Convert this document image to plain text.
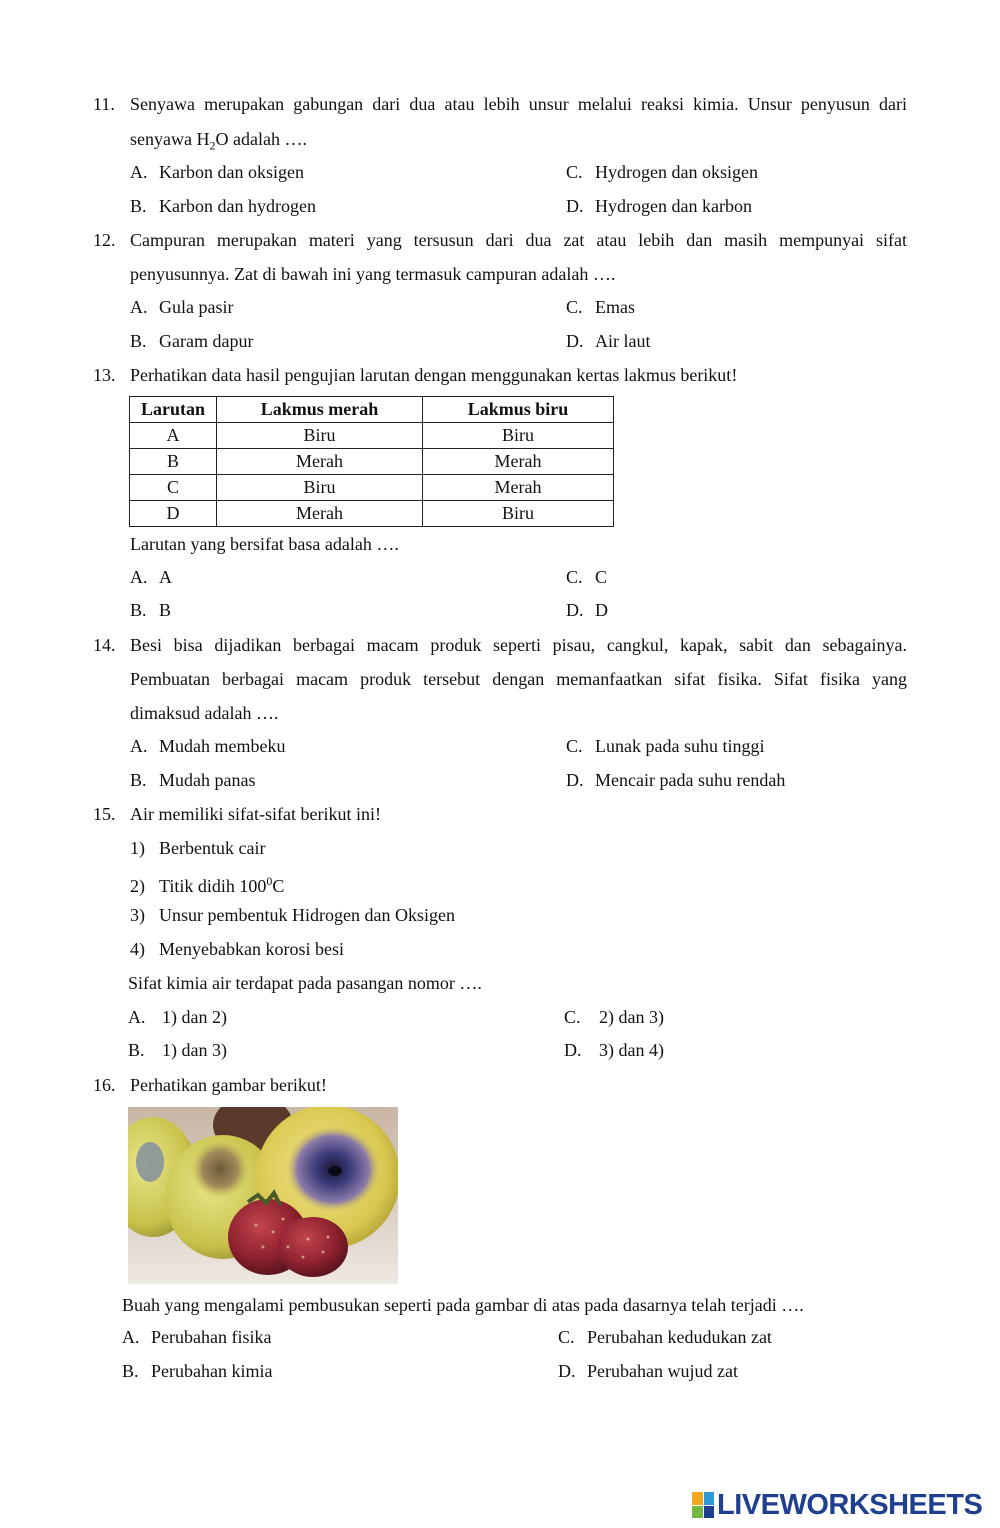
11. Senyawa merupakan gabungan dari dua atau lebih unsur melalui reaksi kimia. Unsur penyusun dari
senyawa $H_2O$ adalah ….
A. Karbon dan oksigen	C. Hydrogen dan oksigen
B. Karbon dan hydrogen	D. Hydrogen dan karbon
12. Campuran merupakan materi yang tersusun dari dua zat atau lebih dan masih mempunyai sifat
penyusunnya. Zat di bawah ini yang termasuk campuran adalah ….
A. Gula pasir	C. Emas
B. Garam dapur	D. Air laut
13. Perhatikan data hasil pengujian larutan dengan menggunakan kertas lakmus berikut!
Larutan	Lakmus merah	Lakmus biru
A	Biru	Biru
B	Merah	Merah
C	Biru	Merah
D	Merah	Biru
Larutan yang bersifat basa adalah ….
A. A	C. C
B. B	D. D
14. Besi bisa dijadikan berbagai macam produk seperti pisau, cangkul, kapak, sabit dan sebagainya.
Pembuatan berbagai macam produk tersebut dengan memanfaatkan sifat fisika. Sifat fisika yang
dimaksud adalah ….
A. Mudah membeku	C. Lunak pada suhu tinggi
B. Mudah panas	D. Mencair pada suhu rendah
15. Air memiliki sifat-sifat berikut ini!
1) Berbentuk cair
2) Titik didih $100^0C$
3) Unsur pembentuk Hidrogen dan Oksigen
4) Menyebabkan korosi besi
Sifat kimia air terdapat pada pasangan nomor ….
A. 1) dan 2)	C. 2) dan 3)
B. 1) dan 3)	D. 3) dan 4)
16. Perhatikan gambar berikut!
Buah yang mengalami pembusukan seperti pada gambar di atas pada dasarnya telah terjadi ….
A. Perubahan fisika	C. Perubahan kedudukan zat
B. Perubahan kimia	D. Perubahan wujud zat
LIVEWORKSHEETS
